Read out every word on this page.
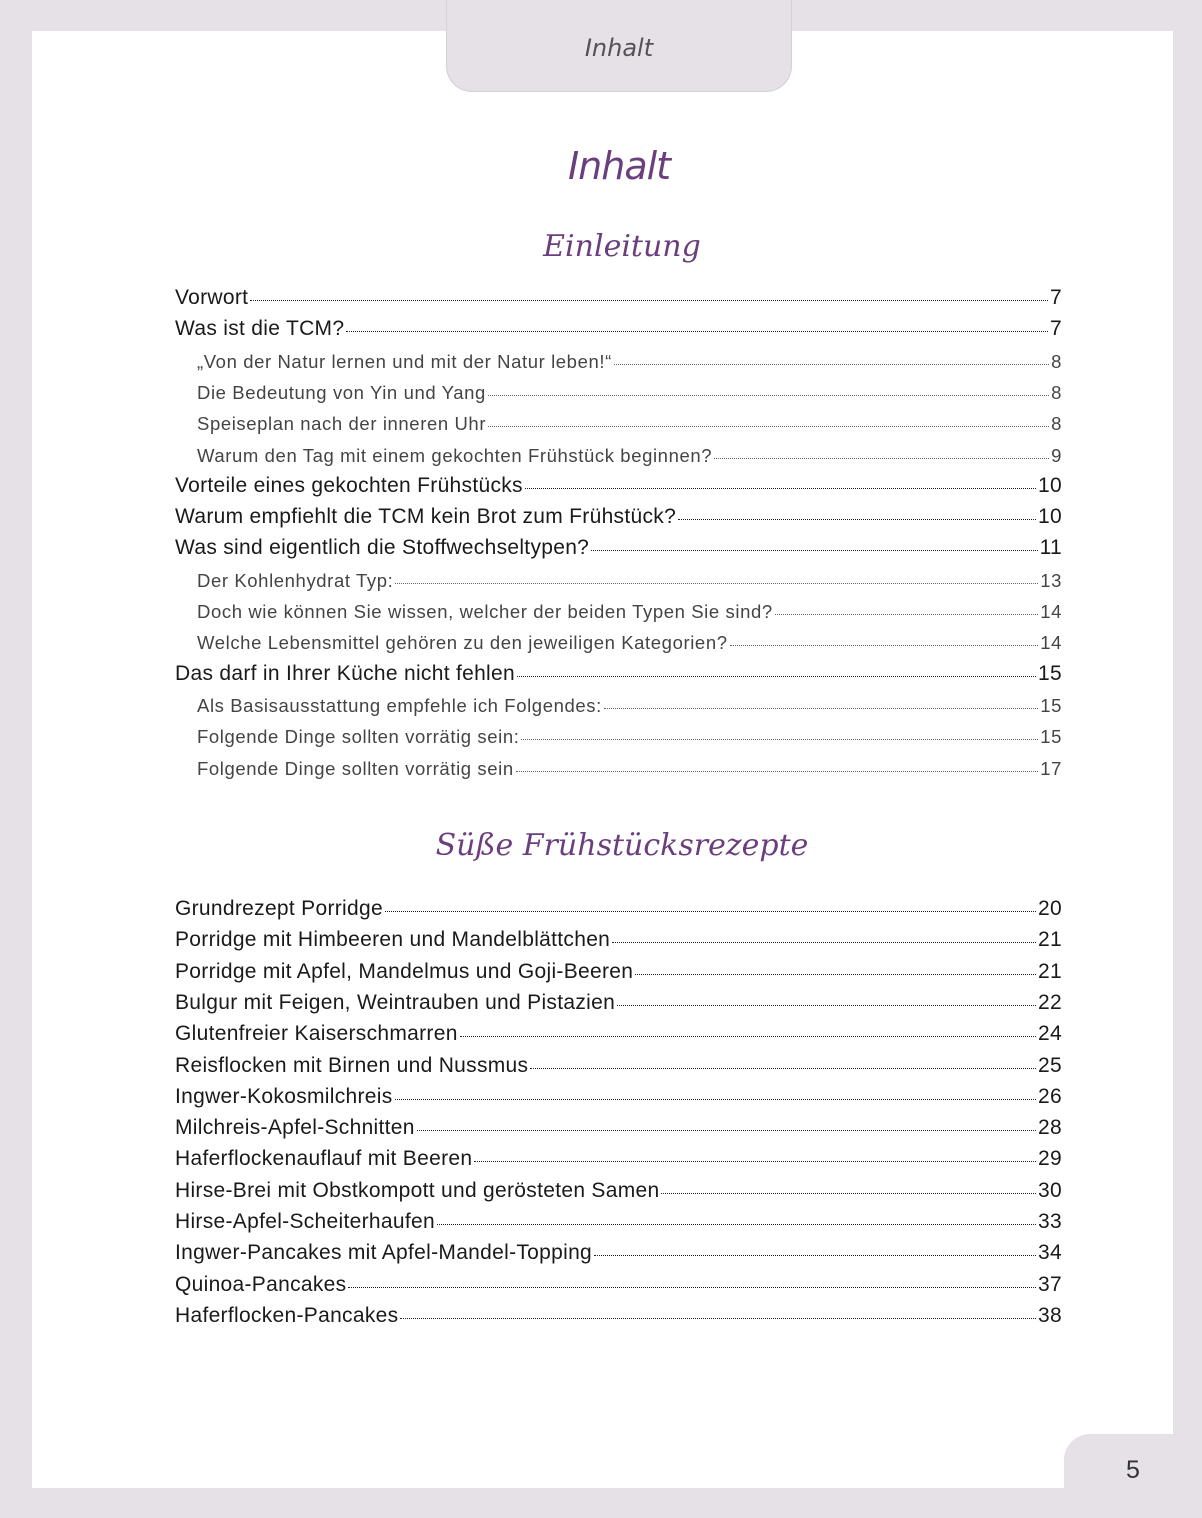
Inhalt
Inhalt
Einleitung
Süße Frühstücksrezepte
Vorwort	7
Was ist die TCM?	7
„Von der Natur lernen und mit der Natur leben!“	8
Die Bedeutung von Yin und Yang	8
Speiseplan nach der inneren Uhr	8
Warum den Tag mit einem gekochten Frühstück beginnen?	9
Vorteile eines gekochten Frühstücks	10
Warum empfiehlt die TCM kein Brot zum Frühstück?	10
Was sind eigentlich die Stoffwechseltypen?	11
Der Kohlenhydrat Typ:	13
Doch wie können Sie wissen, welcher der beiden Typen Sie sind?	14
Welche Lebensmittel gehören zu den jeweiligen Kategorien?	14
Das darf in Ihrer Küche nicht fehlen	15
Als Basisausstattung empfehle ich Folgendes:	15
Folgende Dinge sollten vorrätig sein:	15
Folgende Dinge sollten vorrätig sein	17
Grundrezept Porridge	20
Porridge mit Himbeeren und Mandelblättchen	21
Porridge mit Apfel, Mandelmus und Goji-Beeren	21
Bulgur mit Feigen, Weintrauben und Pistazien	22
Glutenfreier Kaiserschmarren	24
Reisflocken mit Birnen und Nussmus	25
Ingwer-Kokosmilchreis	26
Milchreis-Apfel-Schnitten	28
Haferflockenauflauf mit Beeren	29
Hirse-Brei mit Obstkompott und gerösteten Samen	30
Hirse-Apfel-Scheiterhaufen	33
Ingwer-Pancakes mit Apfel-Mandel-Topping	34
Quinoa-Pancakes	37
Haferflocken-Pancakes	38
5
